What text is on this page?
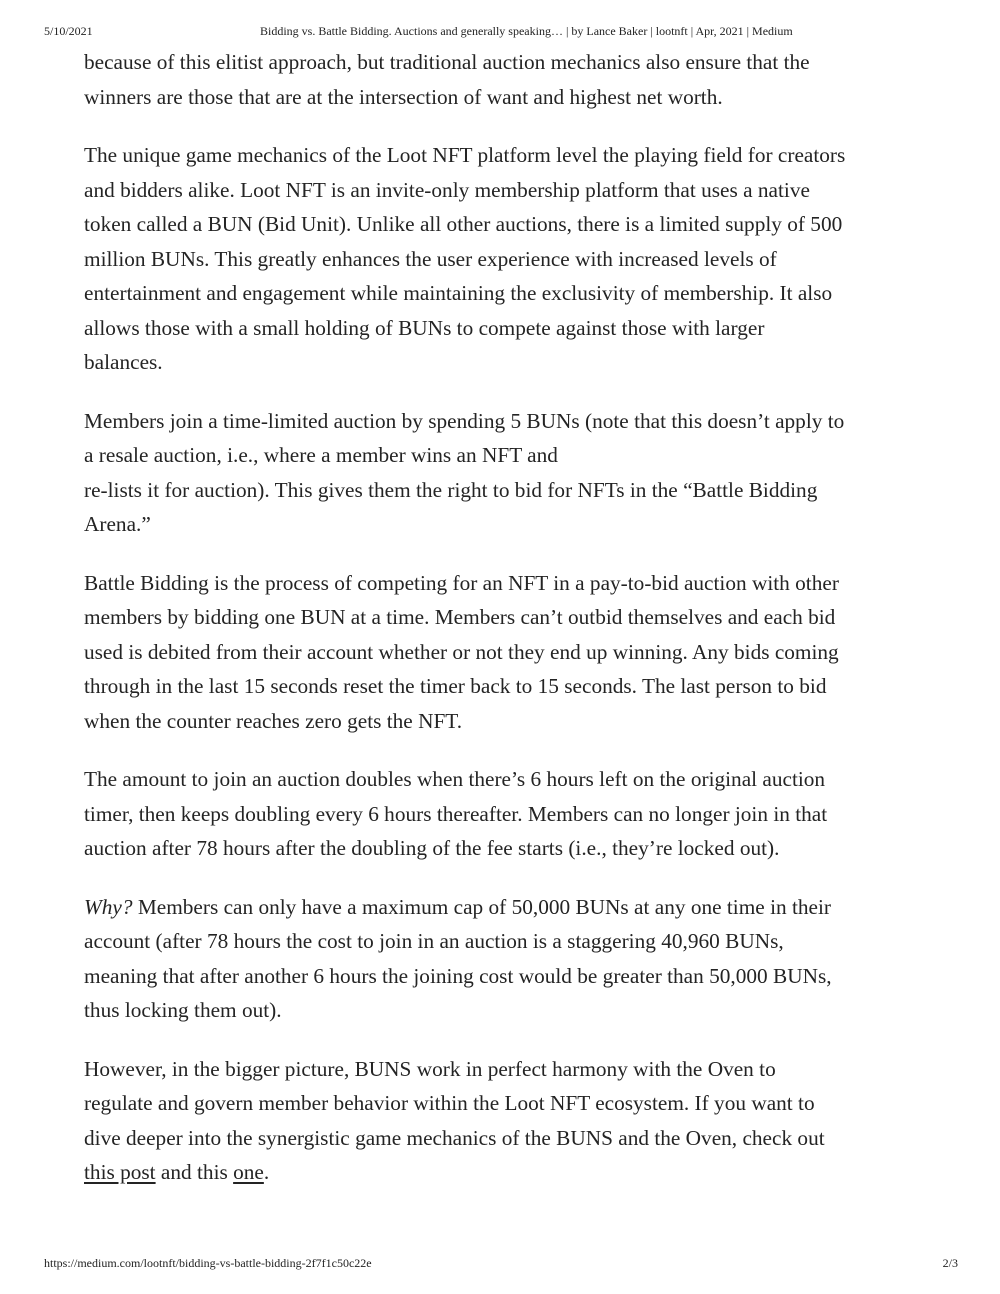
5/10/2021	Bidding vs. Battle Bidding. Auctions and generally speaking… | by Lance Baker | lootnft | Apr, 2021 | Medium

because of this elitist approach, but traditional auction mechanics also ensure that the
winners are those that are at the intersection of want and highest net worth.

The unique game mechanics of the Loot NFT platform level the playing field for creators
and bidders alike. Loot NFT is an invite-only membership platform that uses a native
token called a BUN (Bid Unit). Unlike all other auctions, there is a limited supply of 500
million BUNs. This greatly enhances the user experience with increased levels of
entertainment and engagement while maintaining the exclusivity of membership. It also
allows those with a small holding of BUNs to compete against those with larger
balances.

Members join a time-limited auction by spending 5 BUNs (note that this doesn’t apply to
a resale auction, i.e., where a member wins an NFT and
re-lists it for auction). This gives them the right to bid for NFTs in the “Battle Bidding
Arena.”

Battle Bidding is the process of competing for an NFT in a pay-to-bid auction with other
members by bidding one BUN at a time. Members can’t outbid themselves and each bid
used is debited from their account whether or not they end up winning. Any bids coming
through in the last 15 seconds reset the timer back to 15 seconds. The last person to bid
when the counter reaches zero gets the NFT.

The amount to join an auction doubles when there’s 6 hours left on the original auction
timer, then keeps doubling every 6 hours thereafter. Members can no longer join in that
auction after 78 hours after the doubling of the fee starts (i.e., they’re locked out).

Why? Members can only have a maximum cap of 50,000 BUNs at any one time in their
account (after 78 hours the cost to join in an auction is a staggering 40,960 BUNs,
meaning that after another 6 hours the joining cost would be greater than 50,000 BUNs,
thus locking them out).

However, in the bigger picture, BUNS work in perfect harmony with the Oven to
regulate and govern member behavior within the Loot NFT ecosystem. If you want to
dive deeper into the synergistic game mechanics of the BUNS and the Oven, check out
this post and this one.

https://medium.com/lootnft/bidding-vs-battle-bidding-2f7f1c50c22e	2/3
